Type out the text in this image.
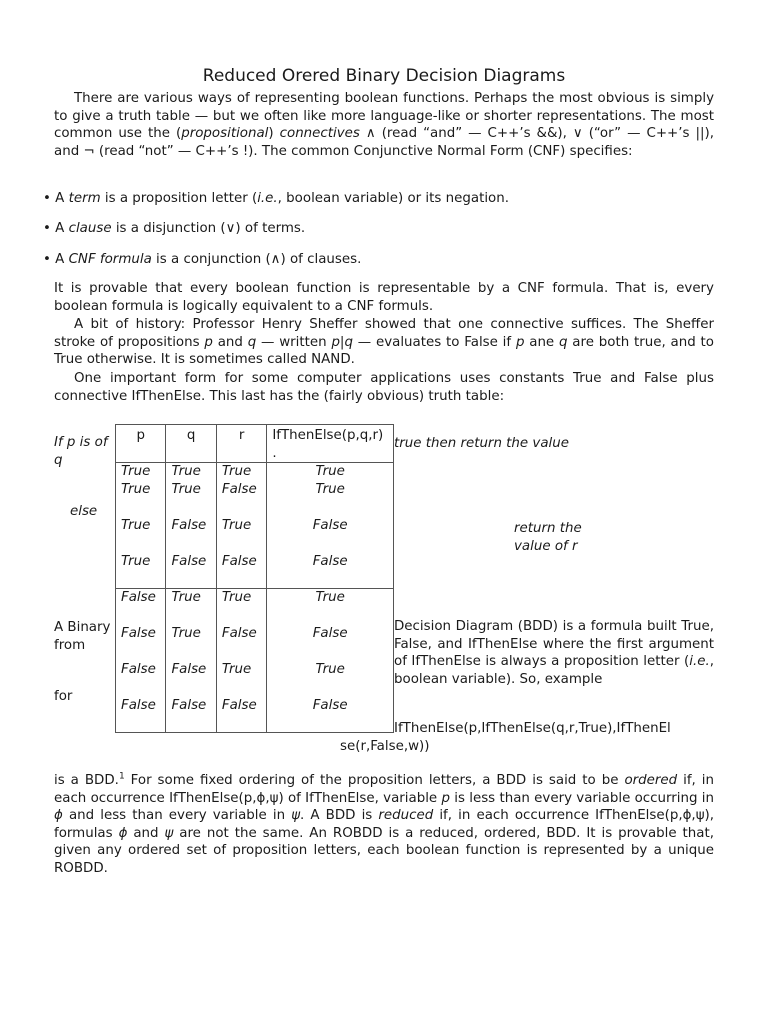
Reduced Orered Binary Decision Diagrams

There are various ways of representing boolean functions. Perhaps the most obvious is simply to give a truth table — but we often like more language-like or shorter representations. The most common use the (propositional) connectives ∧ (read “and” — C++’s &&), ∨ (“or” — C++’s ||), and ¬ (read “not” — C++’s !). The common Conjunctive Normal Form (CNF) specifies:

• A term is a proposition letter (i.e., boolean variable) or its negation.

• A clause is a disjunction (∨) of terms.

• A CNF formula is a conjunction (∧) of clauses.

It is provable that every boolean function is representable by a CNF formula. That is, every boolean formula is logically equivalent to a CNF formuls.

A bit of history: Professor Henry Sheffer showed that one connective suffices. The Sheffer stroke of propositions p and q — written p|q — evaluates to False if p ane q are both true, and to True otherwise. It is sometimes called NAND.

One important form for some computer applications uses constants True and False plus connective IfThenElse. This last has the (fairly obvious) truth table:

If p is of q
true then return the value
else
return the value of r
A Binary from
for
Decision Diagram (BDD) is a formula built True, False, and IfThenElse where the first argument of IfThenElse is always a proposition letter (i.e., boolean variable). So, example
IfThenElse(p,IfThenElse(q,r,True),IfThenEl
se(r,False,w))
p	q	r	IfThenElse(p,q,r) .
True	True	True	True
True	True	False	True
True	False	True	False
True	False	False	False

False	True	True	True

False	True	False	False

False	False	True	True

False	False	False	False

is a BDD.$^1$ For some fixed ordering of the proposition letters, a BDD is said to be ordered if, in each occurrence IfThenElse(p,ϕ,ψ) of IfThenElse, variable p is less than every variable occurring in ϕ and less than every variable in ψ. A BDD is reduced if, in each occurrence IfThenElse(p,ϕ,ψ), formulas ϕ and ψ are not the same. An ROBDD is a reduced, ordered, BDD. It is provable that, given any ordered set of proposition letters, each boolean function is represented by a unique ROBDD.
